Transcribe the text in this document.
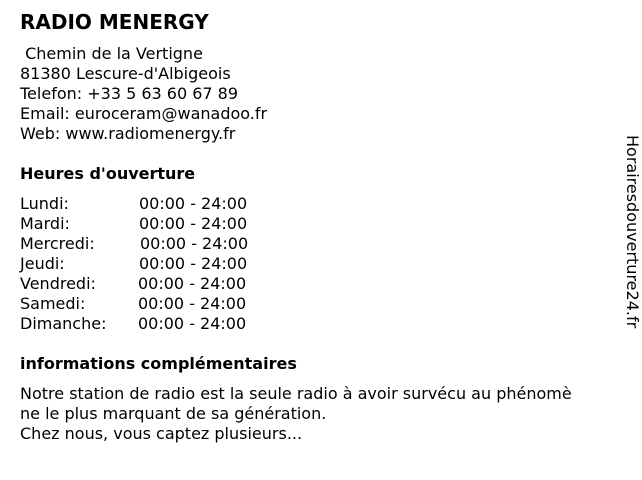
RADIO MENERGY
Chemin de la Vertigne
81380 Lescure-d'Albigeois
Telefon: +33 5 63 60 67 89
Email: euroceram@wanadoo.fr
Web: www.radiomenergy.fr
Heures d'ouverture
Lundi:	00:00 - 24:00
Mardi:	00:00 - 24:00
Mercredi:	00:00 - 24:00
Jeudi:	00:00 - 24:00
Vendredi:	00:00 - 24:00
Samedi:	00:00 - 24:00
Dimanche: 00:00 - 24:00
informations complémentaires
Notre station de radio est la seule radio à avoir survécu au phénomè
ne le plus marquant de sa génération.
Chez nous, vous captez plusieurs...
Horairesdouverture24.fr
